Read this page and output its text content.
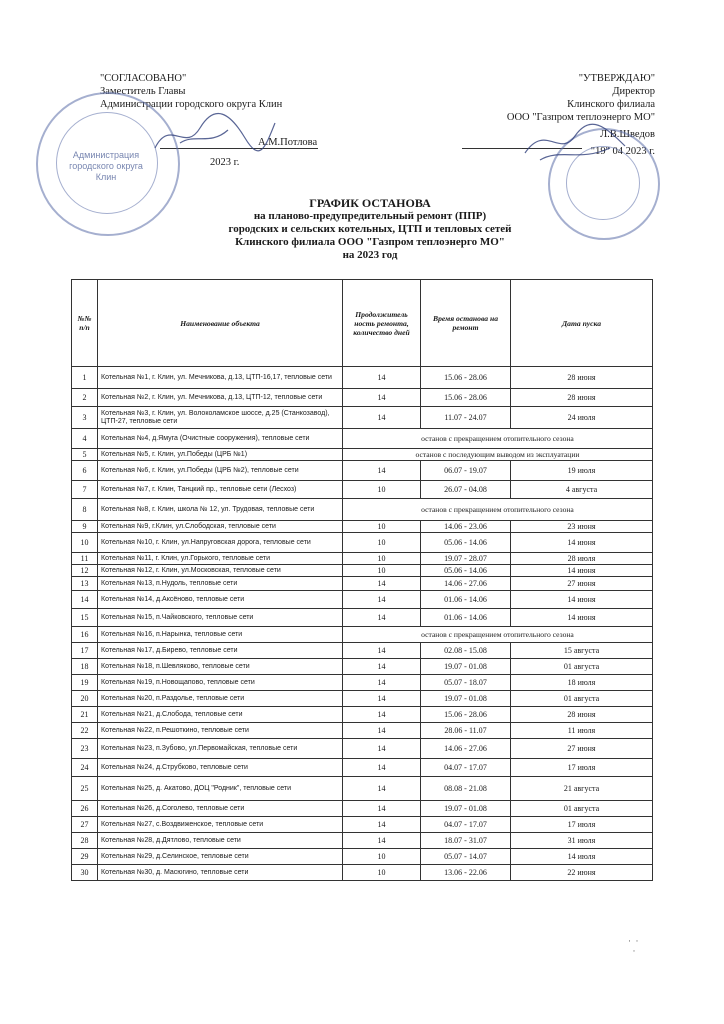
"СОГЛАСОВАНО"
Заместитель Главы
Администрации городского округа Клин
А.М.Потлова
2023 г.
Администрация городского округа Клин
"УТВЕРЖДАЮ"
Директор
Клинского филиала
ООО "Газпром теплоэнерго МО"
Л.В.Шведов
"19" 04 2023 г.
ГРАФИК ОСТАНОВА
на планово-предупредительный ремонт (ППР)
городских и сельских котельных, ЦТП и тепловых сетей
Клинского филиала ООО "Газпром теплоэнерго МО"
на 2023 год
№№ п/п	Наименование объекта	Продолжитель ность ремонта, количество дней	Время останова на ремонт	Дата пуска
1	Котельная №1, г. Клин, ул. Мечникова, д.13, ЦТП-16,17, тепловые сети	14	15.06 - 28.06	28 июня
2	Котельная №2, г. Клин, ул. Мечникова, д.13, ЦТП-12, тепловые сети	14	15.06 - 28.06	28 июня
3	Котельная №3, г. Клин, ул. Волоколамское шоссе, д.25 (Станкозавод), ЦТП-27, тепловые сети	14	11.07 - 24.07	24 июля
4	Котельная №4, д.Ямуга (Очистные сооружения), тепловые сети	останов с прекращением отопительного сезона		
5	Котельная №5, г. Клин, ул.Победы (ЦРБ №1)	останов с последующим выводом из эксплуатации		
6	Котельная №6, г. Клин, ул.Победы (ЦРБ №2), тепловые сети	14	06.07 - 19.07	19 июля
7	Котельная №7, г. Клин, Танцкий пр., тепловые сети (Лесхоз)	10	26.07 - 04.08	4 августа
8	Котельная №8, г. Клин, школа № 12, ул. Трудовая, тепловые сети	останов с прекращением отопительного сезона		
9	Котельная №9, г.Клин, ул.Слободская, тепловые сети	10	14.06 - 23.06	23 июня
10	Котельная №10, г. Клин, ул.Напруговская дорога, тепловые сети	10	05.06 - 14.06	14 июня
11	Котельная №11, г. Клин, ул.Горького, тепловые сети	10	19.07 - 28.07	28 июля
12	Котельная №12, г. Клин, ул.Московская, тепловые сети	10	05.06 - 14.06	14 июня
13	Котельная №13, п.Нудоль, тепловые сети	14	14.06 - 27.06	27 июня
14	Котельная №14, д.Аксёново, тепловые сети	14	01.06 - 14.06	14 июня
15	Котельная №15, п.Чайковского, тепловые сети	14	01.06 - 14.06	14 июня
16	Котельная №16, п.Нарынка, тепловые сети	останов с прекращением отопительного сезона		
17	Котельная №17, д.Бирево, тепловые сети	14	02.08 - 15.08	15 августа
18	Котельная №18, п.Шевляково, тепловые сети	14	19.07 - 01.08	01 августа
19	Котельная №19, п.Новощапово, тепловые сети	14	05.07 - 18.07	18 июля
20	Котельная №20, п.Раздолье, тепловые сети	14	19.07 - 01.08	01 августа
21	Котельная №21, д.Слобода, тепловые сети	14	15.06 - 28.06	28 июня
22	Котельная №22, п.Решоткино, тепловые сети	14	28.06 - 11.07	11 июля
23	Котельная №23, п.Зубово, ул.Первомайская, тепловые сети	14	14.06 - 27.06	27 июня
24	Котельная №24, д.Струбково, тепловые сети	14	04.07 - 17.07	17 июля
25	Котельная №25, д. Акатово, ДОЦ "Родник", тепловые сети	14	08.08 - 21.08	21 августа
26	Котельная №26, д.Соголево, тепловые сети	14	19.07 - 01.08	01 августа
27	Котельная №27, с.Воздвиженское, тепловые сети	14	04.07 - 17.07	17 июля
28	Котельная №28, д.Дятлово, тепловые сети	14	18.07 - 31.07	31 июля
29	Котельная №29, д.Селинское, тепловые сети	10	05.07 - 14.07	14 июля
30	Котельная №30, д. Масюгино, тепловые сети	10	13.06 - 22.06	22 июня
·  ·
·
